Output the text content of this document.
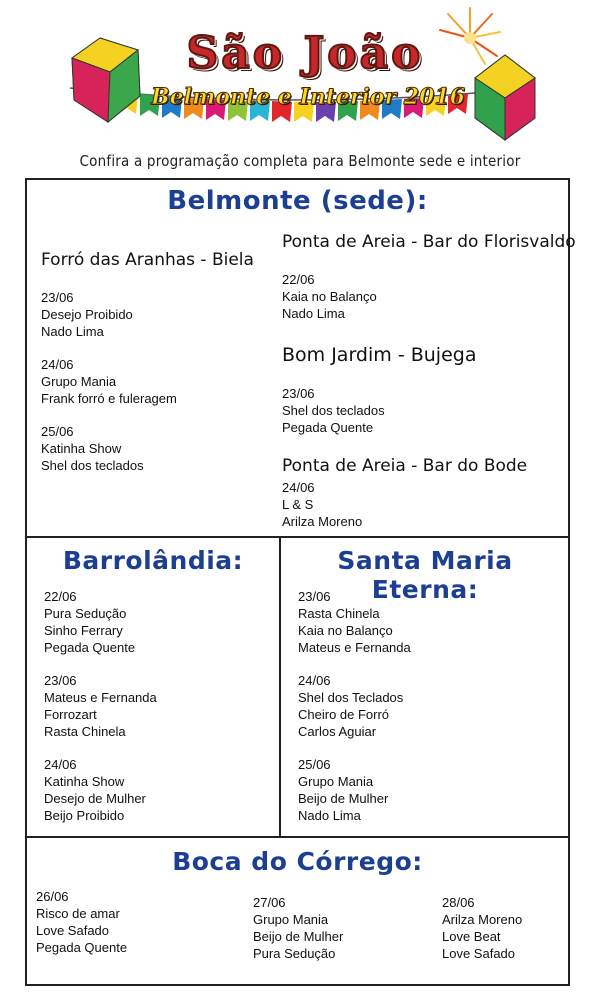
São João
Belmonte e Interior 2016
Confira a programação completa para Belmonte sede e interior
Belmonte (sede):
Forró das Aranhas - Biela
23/06
Desejo Proibido
Nado Lima
24/06
Grupo Mania
Frank forró e fuleragem
25/06
Katinha Show
Shel dos teclados
Ponta de Areia - Bar do Florisvaldo
22/06
Kaia no Balanço
Nado Lima
Bom Jardim - Bujega
23/06
Shel dos teclados
Pegada Quente
Ponta de Areia - Bar do Bode
24/06
L & S
Arilza Moreno
Barrolândia:
22/06
Pura Sedução
Sinho Ferrary
Pegada Quente
23/06
Mateus e Fernanda
Forrozart
Rasta Chinela
24/06
Katinha Show
Desejo de Mulher
Beijo Proibido
Santa Maria Eterna:
23/06
Rasta Chinela
Kaia no Balanço
Mateus e Fernanda
24/06
Shel dos Teclados
Cheiro de Forró
Carlos Aguiar
25/06
Grupo Mania
Beijo de Mulher
Nado Lima
Boca do Córrego:
26/06
Risco de amar
Love Safado
Pegada Quente
27/06
Grupo Mania
Beijo de Mulher
Pura Sedução
28/06
Arilza Moreno
Love Beat
Love Safado
